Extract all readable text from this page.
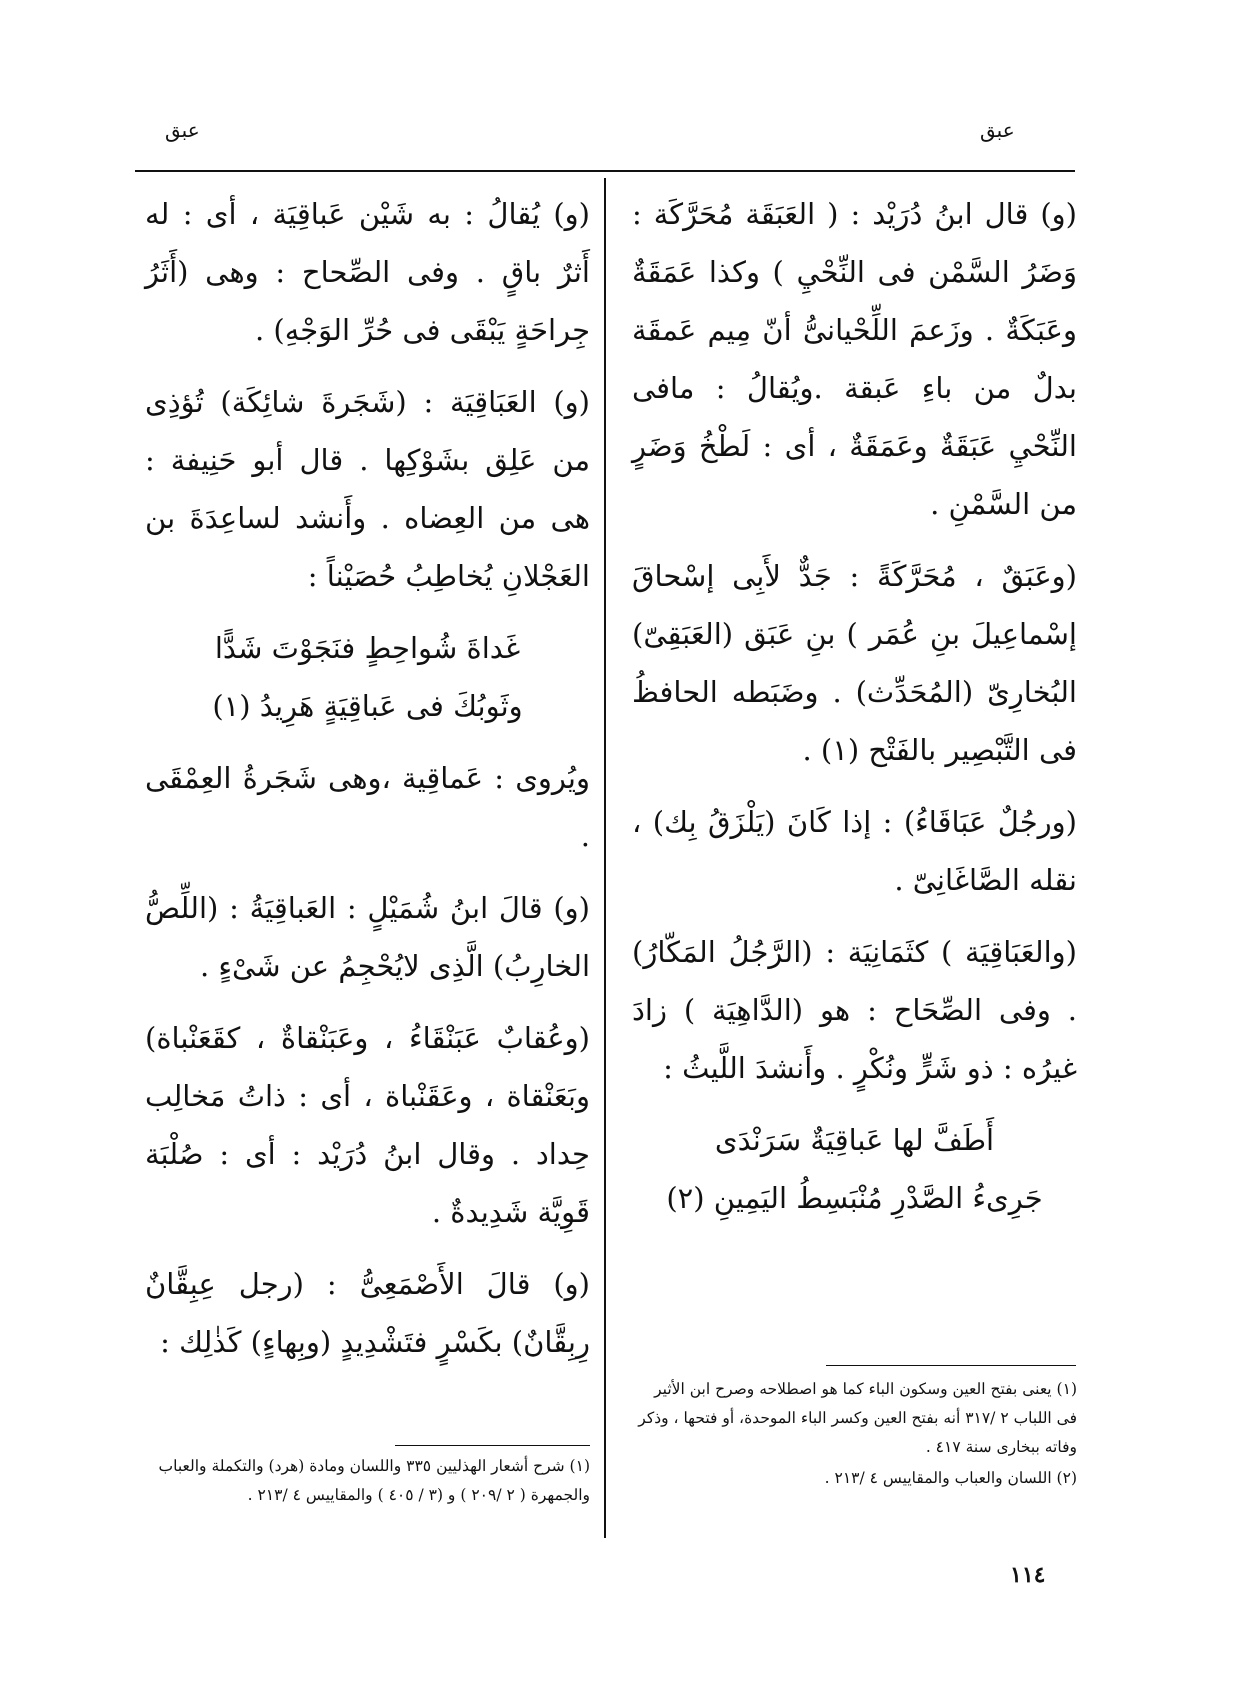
عبق
عبق

(و) قال ابنُ دُرَيْد : ( العَبَقَة مُحَرَّكَة : وَضَرُ السَّمْن فى النِّحْيِ ) وكذا عَمَقَةٌ وعَبَكَةٌ . وزَعمَ اللِّحْيانىُّ أنّ مِيم عَمقَة بدلٌ من باءِ عَبقة .ويُقالُ : مافى النِّحْيِ عَبَقَةٌ وعَمَقَةٌ ، أى : لَطْخُ وَضَرٍ من السَّمْنِ .

(وعَبَقٌ ، مُحَرَّكَةً : جَدٌّ لأَبِى إسْحاقَ إسْماعِيلَ بنِ عُمَر ) بنِ عَبَق (العَبَقِىّ) البُخارِىّ (المُحَدِّث) . وضَبَطه الحافظُ فى التَّبْصِير بالفَتْح (١) .

(ورجُلٌ عَبَاقَاءُ) : إذا كَانَ (يَلْزَقُ بِك) ، نقله الصَّاغَانِىّ .

(والعَبَاقِيَة ) كثَمَانِيَة : (الرَّجُلُ المَكّارُ) . وفى الصِّحَاح : هو (الدَّاهِيَة ) زادَ غيرُه : ذو شَرٍّ ونُكْرٍ . وأَنشدَ اللَّيثُ :

أَطَفَّ لها عَباقِيَةٌ سَرَنْدَى
جَرِىءُ الصَّدْرِ مُنْبَسِطُ اليَمِينِ (٢)

(١) يعنى بفتح العين وسكون الباء كما هو اصطلاحه وصرح ابن الأثير فى اللباب ٢ /٣١٧ أنه بفتح العين وكسر الباء الموحدة، أو فتحها ، وذكر وفاته ببخارى سنة ٤١٧ .

(٢) اللسان والعباب والمقاييس ٤ /٢١٣ .

(و) يُقالُ : به شَيْن عَباقِيَة ، أى : له أَثرٌ باقٍ . وفى الصِّحاح : وهى (أَثَرُ جِراحَةٍ يَبْقَى فى حُرِّ الوَجْهِ) .

(و) العَبَاقِيَة : (شَجَرةَ شائِكَة) تُؤذِى من عَلِق بشَوْكِها . قال أبو حَنِيفة : هى من العِضاه . وأَنشد لساعِدَةَ بن العَجْلانِ يُخاطِبُ حُصَيْناً :

غَداةَ شُواحِطٍ فنَجَوْتَ شَدًّا
وثَوبُكَ فى عَباقِيَةٍ هَرِيدُ (١)

ويُروى : عَماقِية ،وهى شَجَرةُ العِمْقَى .

(و) قالَ ابنُ شُمَيْلٍ : العَباقِيَةُ : (اللِّصُّ الخارِبُ) الَّذِى لايُحْجِمُ عن شَىْءٍ .

(وعُقابٌ عَبَنْقَاءُ ، وعَبَنْقاةٌ ، كقَعَنْباة) وبَعَنْقاة ، وعَقَنْباة ، أى : ذاتُ مَخالِب حِداد . وقال ابنُ دُرَيْد : أى : صُلْبَة قَوِيَّة شَدِيدةٌ .

(و) قالَ الأَصْمَعِىُّ : (رجل عِبِقَّانٌ رِبِقَّانٌ) بكَسْرٍ فتَشْدِيدٍ (وبِهاءٍ) كَذٰلِك :

(١) شرح أشعار الهذليين ٣٣٥ واللسان ومادة (هرد) والتكملة والعباب والجمهرة ( ٢ /٢٠٩ ) و (٣ / ٤٠٥ ) والمقاييس ٤ /٢١٣ .

١١٤
